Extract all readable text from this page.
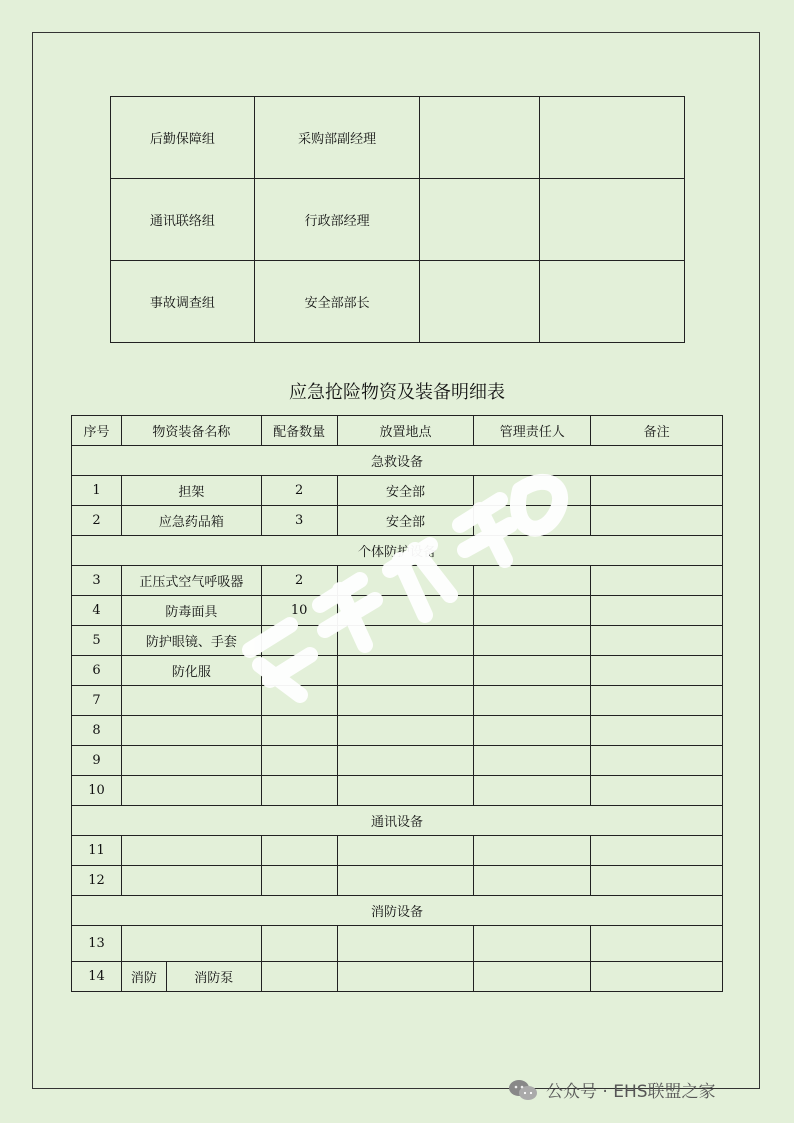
后勤保障组	采购部副经理		
通讯联络组	行政部经理		
事故调查组	安全部部长		
应急抢险物资及装备明细表
序号	物资装备名称		配备数量	放置地点	管理责任人	备注
急救设备						
1	担架		2	安全部		
2	应急药品箱		3	安全部		
个体防护设备						
3	正压式空气呼吸器		2			
4	防毒面具		10			
5	防护眼镜、手套					
6	防化服					
7						
8						
9						
10						
通讯设备						
11						
12						
消防设备						
13						
14	消防	消防泵				
公众号 · EHS联盟之家
